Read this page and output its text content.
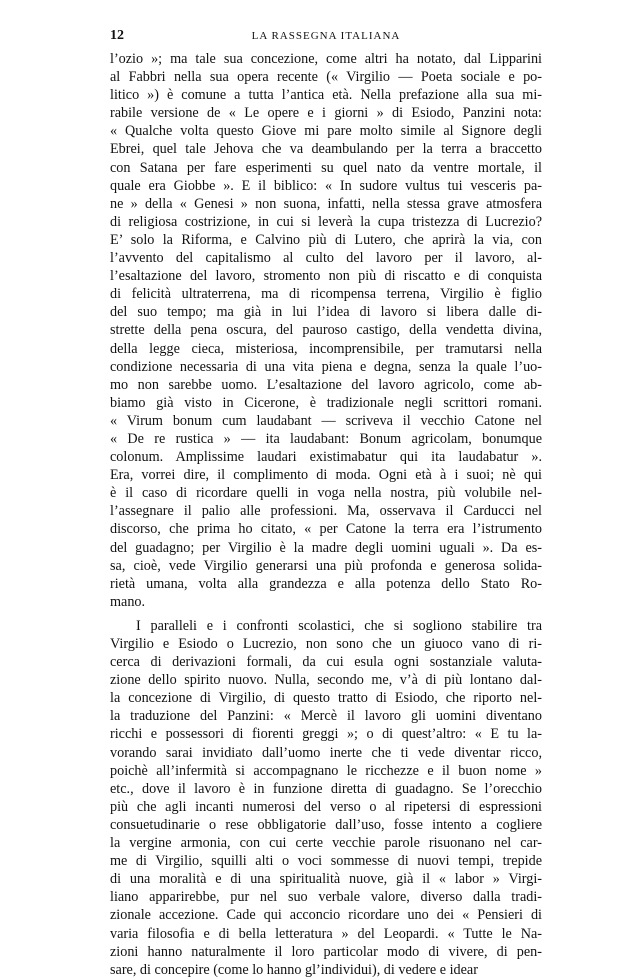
12	LA RASSEGNA ITALIANA
l’ozio »; ma tale sua concezione, come altri ha notato, dal Lipparini
al Fabbri nella sua opera recente (« Virgilio — Poeta sociale e po-
litico ») è comune a tutta l’antica età. Nella prefazione alla sua mi-
rabile versione de « Le opere e i giorni » di Esiodo, Panzini nota:
« Qualche volta questo Giove mi pare molto simile al Signore degli
Ebrei, quel tale Jehova che va deambulando per la terra a braccetto
con Satana per fare esperimenti su quel nato da ventre mortale, il
quale era Giobbe ». E il biblico: « In sudore vultus tui vesceris pa-
ne » della « Genesi » non suona, infatti, nella stessa grave atmosfera
di religiosa costrizione, in cui si leverà la cupa tristezza di Lucrezio?
E’ solo la Riforma, e Calvino più di Lutero, che aprirà la via, con
l’avvento del capitalismo al culto del lavoro per il lavoro, al-
l’esaltazione del lavoro, stromento non più di riscatto e di conquista
di felicità ultraterrena, ma di ricompensa terrena, Virgilio è figlio
del suo tempo; ma già in lui l’idea di lavoro si libera dalle di-
strette della pena oscura, del pauroso castigo, della vendetta divina,
della legge cieca, misteriosa, incomprensibile, per tramutarsi nella
condizione necessaria di una vita piena e degna, senza la quale l’uo-
mo non sarebbe uomo. L’esaltazione del lavoro agricolo, come ab-
biamo già visto in Cicerone, è tradizionale negli scrittori romani.
« Virum bonum cum laudabant — scriveva il vecchio Catone nel
« De re rustica » — ita laudabant: Bonum agricolam, bonumque
colonum. Amplissime laudari existimabatur qui ita laudabatur ».
Era, vorrei dire, il complimento di moda. Ogni età à i suoi; nè qui
è il caso di ricordare quelli in voga nella nostra, più volubile nel-
l’assegnare il palio alle professioni. Ma, osservava il Carducci nel
discorso, che prima ho citato, « per Catone la terra era l’istrumento
del guadagno; per Virgilio è la madre degli uomini uguali ». Da es-
sa, cioè, vede Virgilio generarsi una più profonda e generosa solida-
rietà umana, volta alla grandezza e alla potenza dello Stato Ro-
mano.
I paralleli e i confronti scolastici, che si sogliono stabilire tra
Virgilio e Esiodo o Lucrezio, non sono che un giuoco vano di ri-
cerca di derivazioni formali, da cui esula ogni sostanziale valuta-
zione dello spirito nuovo. Nulla, secondo me, v’à di più lontano dal-
la concezione di Virgilio, di questo tratto di Esiodo, che riporto nel-
la traduzione del Panzini: « Mercè il lavoro gli uomini diventano
ricchi e possessori di fiorenti greggi »; o di quest’altro: « E tu la-
vorando sarai invidiato dall’uomo inerte che ti vede diventar ricco,
poichè all’infermità si accompagnano le ricchezze e il buon nome »
etc., dove il lavoro è in funzione diretta di guadagno. Se l’orecchio
più che agli incanti numerosi del verso o al ripetersi di espressioni
consuetudinarie o rese obbligatorie dall’uso, fosse intento a cogliere
la vergine armonia, con cui certe vecchie parole risuonano nel car-
me di Virgilio, squilli alti o voci sommesse di nuovi tempi, trepide
di una moralità e di una spiritualità nuove, già il « labor » Virgi-
liano apparirebbe, pur nel suo verbale valore, diverso dalla tradi-
zionale accezione. Cade qui acconcio ricordare uno dei « Pensieri di
varia filosofia e di bella letteratura » del Leopardi. « Tutte le Na-
zioni hanno naturalmente il loro particolar modo di vivere, di pen-
sare, di concepire (come lo hanno gl’individui), di vedere e idear
